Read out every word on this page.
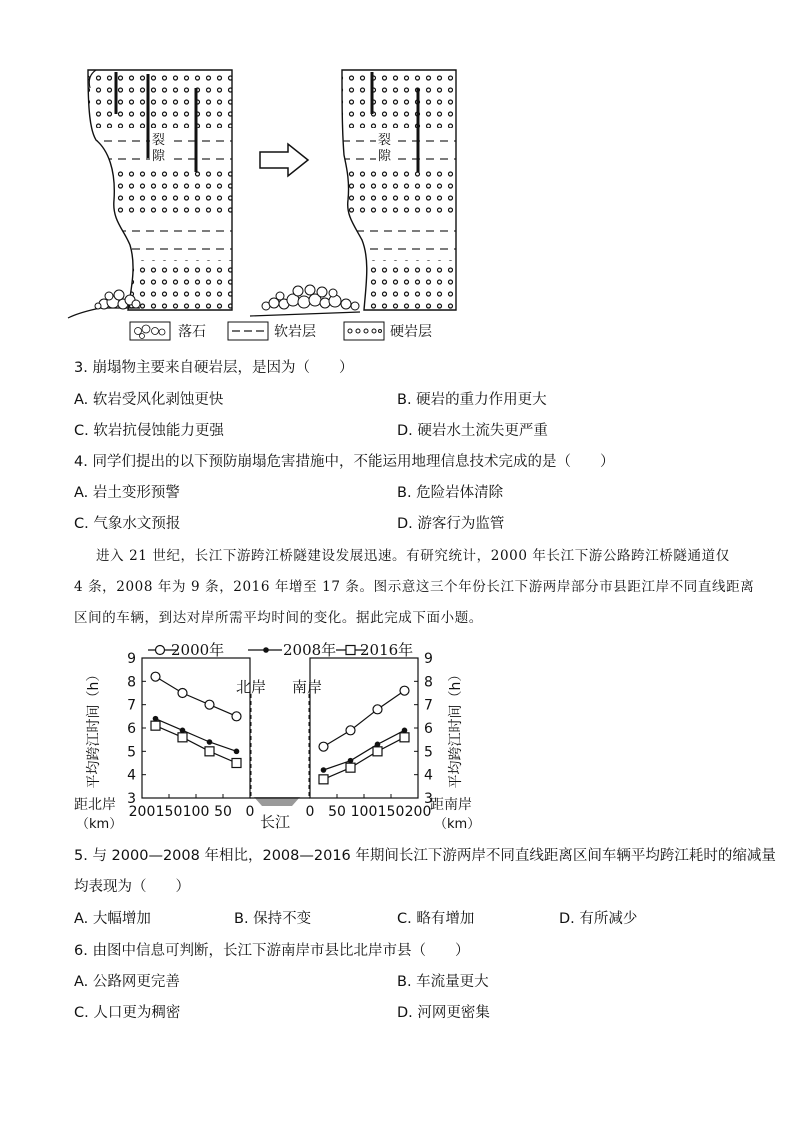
裂
隙
裂
隙
落石	软岩层	硬岩层
3. 崩塌物主要来自硬岩层，是因为（　　）
A. 软岩受风化剥蚀更快	B. 硬岩的重力作用更大
C. 软岩抗侵蚀能力更强	D. 硬岩水土流失更严重
4. 同学们提出的以下预防崩塌危害措施中，不能运用地理信息技术完成的是（　　）
A. 岩土变形预警	B. 危险岩体清除
C. 气象水文预报	D. 游客行为监管
进入 21 世纪，长江下游跨江桥隧建设发展迅速。有研究统计，2000 年长江下游公路跨江桥隧通道仅
4 条，2008 年为 9 条，2016 年增至 17 条。图示意这三个年份长江下游两岸部分市县距江岸不同直线距离
区间的车辆，到达对岸所需平均时间的变化。据此完成下面小题。
2000年	2008年 2016年
平均跨江时间（h）	平均跨江时间（h）
北岸 南岸
长江
距北岸
（km）
距南岸
（km）
3	3
4	4
5	5
6	6
7	7
8	8
9	9
200 150 100 50 0	0 50 100 150 200
5. 与 2000—2008 年相比，2008—2016 年期间长江下游两岸不同直线距离区间车辆平均跨江耗时的缩减量
均表现为（　　）
A. 大幅增加	B. 保持不变	C. 略有增加	D. 有所减少
6. 由图中信息可判断，长江下游南岸市县比北岸市县（　　）
A. 公路网更完善	B. 车流量更大
C. 人口更为稠密	D. 河网更密集
